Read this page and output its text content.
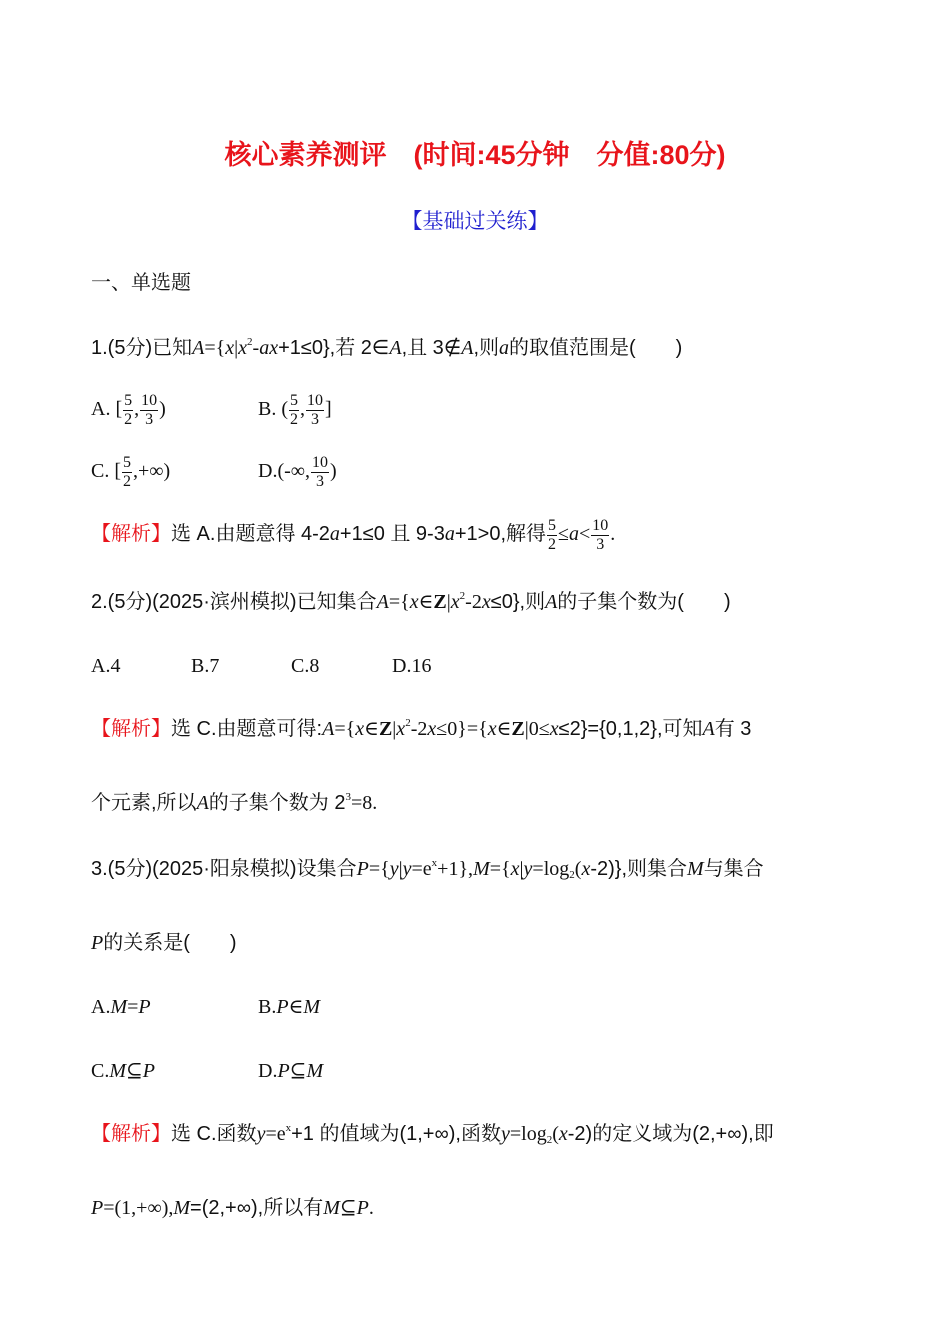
核心素养测评　(时间:45分钟　分值:80分)
【基础过关练】
一、单选题
1.(5分)已知$A=\{x|x^2-ax+1\le 0\}$,若 2∈A,且 3∉A,则a的取值范围是(　　)
A. [ $\frac{5}{2}$ , $\frac{10}{3}$ )	B. ( $\frac{5}{2}$ , $\frac{10}{3}$ ]
C. [ $\frac{5}{2}$ ,+∞)	D.(-∞, $\frac{10}{3}$ )
【解析】选 A.由题意得 4-2a+1≤0 且 9-3a+1>0,解得 $\frac{5}{2} \le a< \frac{10}{3}$ .
2.(5分)(2025·滨州模拟)已知集合$A=\{x\in Z|x^2-2x\le 0\}$,则A的子集个数为(　　)
A.4	B.7	C.8	D.16
【解析】选 C.由题意可得$:A=\{x\in Z|x^2-2x\le 0\}=\{x\in Z|0\le x\le 2\}=\{0,1,2\}$,可知A有 3
个元素,所以A的子集个数为 $2^3=8$.
3.(5分)(2025·阳泉模拟)设集合$P=\{y|y=e^x+1\},M=\{x|y=\log_2(x-2)\}$,则集合M与集合
P的关系是(　　)
A.M=P	B.P∈M
C.M⊆P	D.P⊆M
【解析】选 C.函数$y=e^x+1$ 的值域为(1,+∞),函数$y=\log_2(x-2)$的定义域为(2,+∞),即
P=(1,+∞),M=(2,+∞),所以有M⊆P.
